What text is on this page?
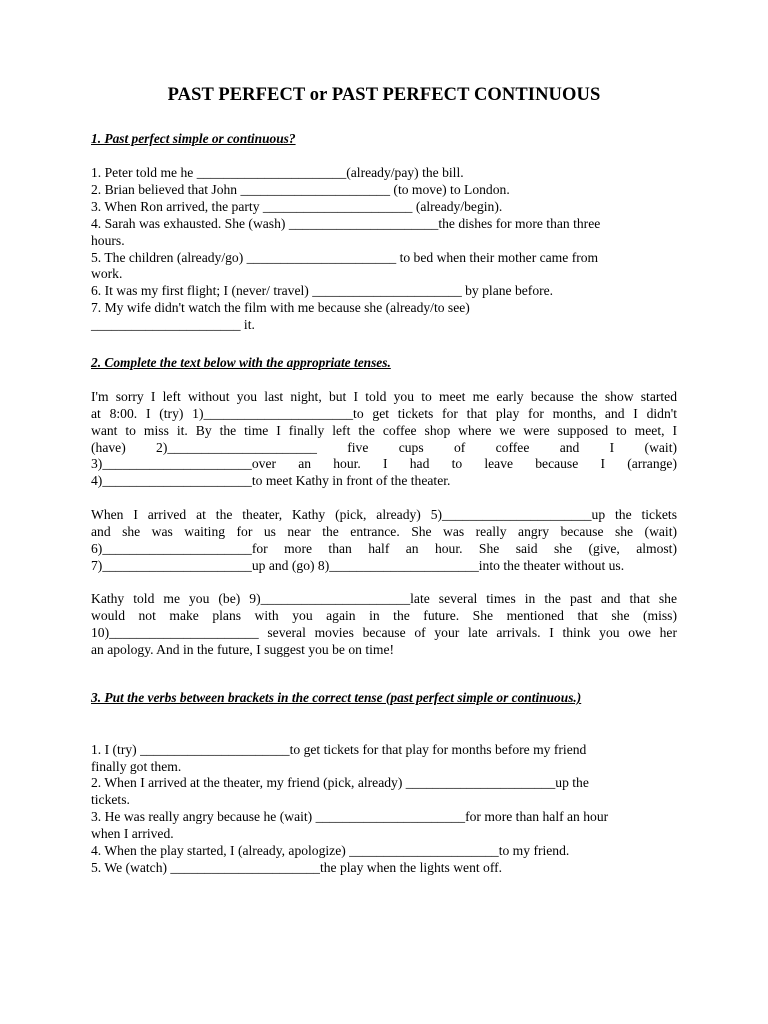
PAST PERFECT or PAST PERFECT CONTINUOUS
1. Past perfect simple or continuous?
1. Peter told me he ______________________(already/pay) the bill.
2. Brian believed that John ______________________ (to move) to London.
3. When Ron arrived, the party ______________________ (already/begin).
4. Sarah was exhausted. She (wash) ______________________the dishes for more than three
hours.
5. The children (already/go) ______________________ to bed when their mother came from
work.
6. It was my first flight; I (never/ travel) ______________________ by plane before.
7. My wife didn't watch the film with me because she (already/to see)
______________________ it.
2. Complete the text below with the appropriate tenses.
I'm sorry I left without you last night, but I told you to meet me early because the show started
at 8:00. I (try) 1)______________________to get tickets for that play for months, and I didn't
want to miss it. By the time I finally left the coffee shop where we were supposed to meet, I
(have) 2)______________________ five cups of coffee and I (wait)
3)______________________over an hour. I had to leave because I (arrange)
4)______________________to meet Kathy in front of the theater.
When I arrived at the theater, Kathy (pick, already) 5)______________________up the tickets
and she was waiting for us near the entrance. She was really angry because she (wait)
6)______________________for more than half an hour. She said she (give, almost)
7)______________________up and (go) 8)______________________into the theater without us.
Kathy told me you (be) 9)______________________late several times in the past and that she
would not make plans with you again in the future. She mentioned that she (miss)
10)______________________ several movies because of your late arrivals. I think you owe her
an apology. And in the future, I suggest you be on time!
3. Put the verbs between brackets in the correct tense (past perfect simple or continuous.)
1. I (try) ______________________to get tickets for that play for months before my friend
finally got them.
2. When I arrived at the theater, my friend (pick, already) ______________________up the
tickets.
3. He was really angry because he (wait) ______________________for more than half an hour
when I arrived.
4. When the play started, I (already, apologize) ______________________to my friend.
5. We (watch) ______________________the play when the lights went off.
